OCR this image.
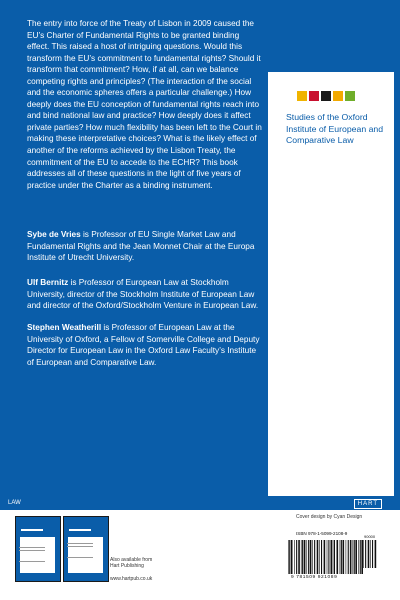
The entry into force of the Treaty of Lisbon in 2009 caused the EU’s Charter of Fundamental Rights to be granted binding effect. This raised a host of intriguing questions. Would this transform the EU’s commitment to fundamental rights? Should it transform that commitment? How, if at all, can we balance competing rights and principles? (The interaction of the social and the economic spheres offers a particular challenge.) How deeply does the EU conception of fundamental rights reach into and bind national law and practice? How deeply does it affect private parties? How much flexibility has been left to the Court in making these interpretative choices? What is the likely effect of another of the reforms achieved by the Lisbon Treaty, the commitment of the EU to accede to the ECHR? This book addresses all of these questions in the light of five years of practice under the Charter as a binding instrument.

Sybe de Vries is Professor of EU Single Market Law and Fundamental Rights and the Jean Monnet Chair at the Europa Institute of Utrecht University.

Ulf Bernitz is Professor of European Law at Stockholm University, director of the Stockholm Institute of European Law and director of the Oxford/Stockholm Venture in European Law.

Stephen Weatherill is Professor of European Law at the University of Oxford, a Fellow of Somerville College and Deputy Director for European Law in the Oxford Law Faculty’s Institute of European and Comparative Law.

Studies of the Oxford Institute of European and Comparative Law

LAW	HART

Also available from
Hart Publishing

www.hartpub.co.uk

Cover design by Cyan Design
ISBN 978-1-5099-2108-9
90000
9 781509 921089
